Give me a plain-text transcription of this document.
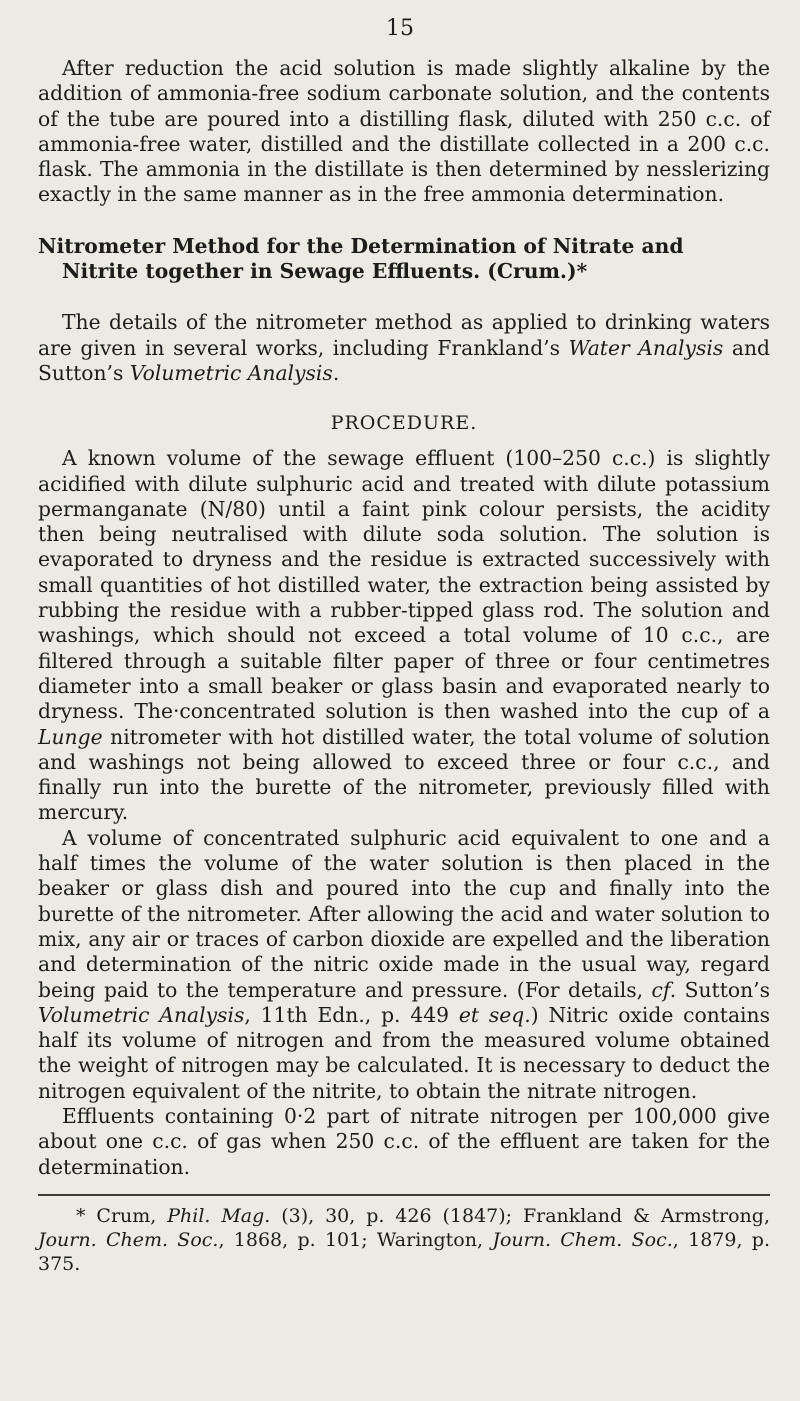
15

After reduction the acid solution is made slightly alkaline by the addition of ammonia-free sodium carbonate solution, and the contents of the tube are poured into a distilling flask, diluted with 250 c.c. of ammonia-free water, distilled and the distillate collected in a 200 c.c. flask. The ammonia in the distillate is then determined by nesslerizing exactly in the same manner as in the free ammonia determination.

Nitrometer Method for the Determination of Nitrate and
Nitrite together in Sewage Effluents. (Crum.)*

The details of the nitrometer method as applied to drinking waters are given in several works, including Frankland’s Water Analysis and Sutton’s Volumetric Analysis.

PROCEDURE.

A known volume of the sewage effluent (100–250 c.c.) is slightly acidified with dilute sulphuric acid and treated with dilute potassium permanganate (N/80) until a faint pink colour persists, the acidity then being neutralised with dilute soda solution. The solution is evaporated to dryness and the residue is extracted successively with small quantities of hot distilled water, the extraction being assisted by rubbing the residue with a rubber-tipped glass rod. The solution and washings, which should not exceed a total volume of 10 c.c., are filtered through a suitable filter paper of three or four centimetres diameter into a small beaker or glass basin and evaporated nearly to dryness. The·concentrated solution is then washed into the cup of a Lunge nitrometer with hot distilled water, the total volume of solution and washings not being allowed to exceed three or four c.c., and finally run into the burette of the nitrometer, previously filled with mercury.

A volume of concentrated sulphuric acid equivalent to one and a half times the volume of the water solution is then placed in the beaker or glass dish and poured into the cup and finally into the burette of the nitrometer. After allowing the acid and water solution to mix, any air or traces of carbon dioxide are expelled and the liberation and determination of the nitric oxide made in the usual way, regard being paid to the temperature and pressure. (For details, cf. Sutton’s Volumetric Analysis, 11th Edn., p. 449 et seq.) Nitric oxide contains half its volume of nitrogen and from the measured volume obtained the weight of nitrogen may be calculated. It is necessary to deduct the nitrogen equivalent of the nitrite, to obtain the nitrate nitrogen.

Effluents containing 0·2 part of nitrate nitrogen per 100,000 give about one c.c. of gas when 250 c.c. of the effluent are taken for the determination.

* Crum, Phil. Mag. (3), 30, p. 426 (1847); Frankland & Armstrong, Journ. Chem. Soc., 1868, p. 101; Warington, Journ. Chem. Soc., 1879, p. 375.
